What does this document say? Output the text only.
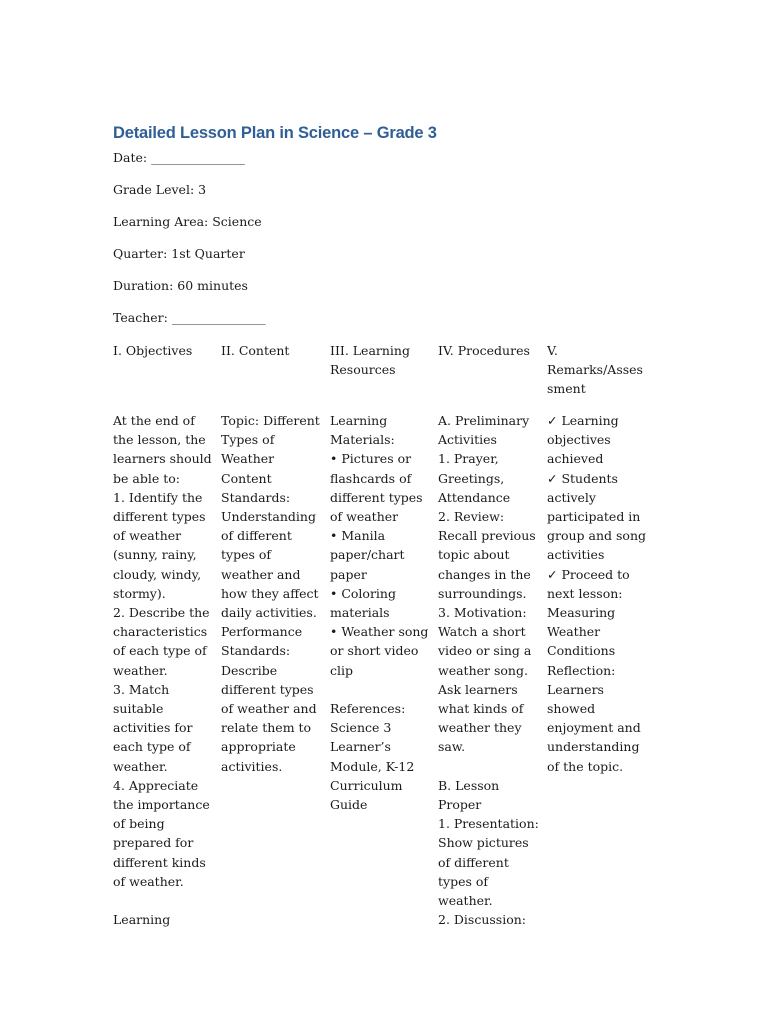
Detailed Lesson Plan in Science – Grade 3
Date: _______________
Grade Level: 3
Learning Area: Science
Quarter: 1st Quarter
Duration: 60 minutes
Teacher: _______________
I. Objectives
At the end of
the lesson, the
learners should
be able to:
1. Identify the
different types
of weather
(sunny, rainy,
cloudy, windy,
stormy).
2. Describe the
characteristics
of each type of
weather.
3. Match
suitable
activities for
each type of
weather.
4. Appreciate
the importance
of being
prepared for
different kinds
of weather.
Learning
II. Content
Topic: Different
Types of
Weather
Content
Standards:
Understanding
of different
types of
weather and
how they affect
daily activities.
Performance
Standards:
Describe
different types
of weather and
relate them to
appropriate
activities.
III. Learning
Resources
Learning
Materials:
• Pictures or
flashcards of
different types
of weather
• Manila
paper/chart
paper
• Coloring
materials
• Weather song
or short video
clip
References:
Science 3
Learner’s
Module, K-12
Curriculum
Guide
IV. Procedures
A. Preliminary
Activities
1. Prayer,
Greetings,
Attendance
2. Review:
Recall previous
topic about
changes in the
surroundings.
3. Motivation:
Watch a short
video or sing a
weather song.
Ask learners
what kinds of
weather they
saw.
B. Lesson
Proper
1. Presentation:
Show pictures
of different
types of
weather.
2. Discussion:
V.
Remarks/Asses
sment
✓ Learning
objectives
achieved
✓ Students
actively
participated in
group and song
activities
✓ Proceed to
next lesson:
Measuring
Weather
Conditions
Reflection:
Learners
showed
enjoyment and
understanding
of the topic.
